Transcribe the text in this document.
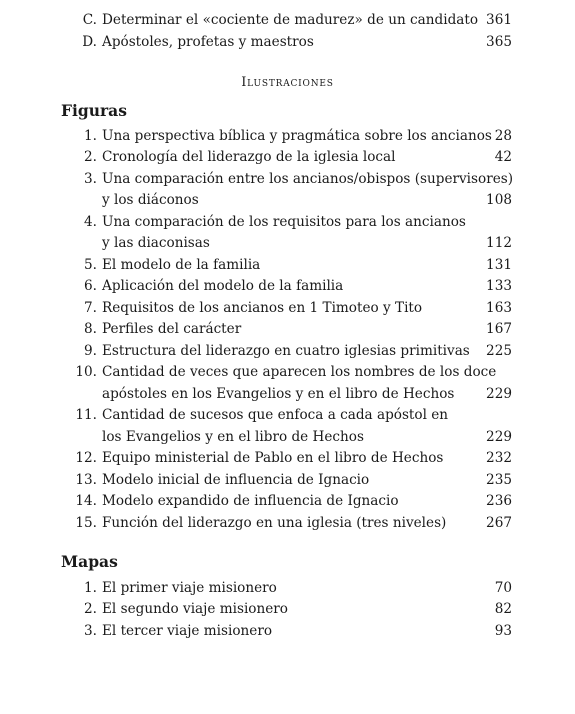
C. Determinar el «cociente de madurez» de un candidato 361
D. Apóstoles, profetas y maestros	365
Ilustraciones
Figuras
1. Una perspectiva bíblica y pragmática sobre los ancianos 28
2. Cronología del liderazgo de la iglesia local	42
3. Una comparación entre los ancianos/obispos (supervisores)
y los diáconos	108
4. Una comparación de los requisitos para los ancianos
y las diaconisas	112
5. El modelo de la familia	131
6. Aplicación del modelo de la familia	133
7. Requisitos de los ancianos en 1 Timoteo y Tito	163
8. Perfiles del carácter	167
9. Estructura del liderazgo en cuatro iglesias primitivas 225
10. Cantidad de veces que aparecen los nombres de los doce
apóstoles en los Evangelios y en el libro de Hechos 229
11. Cantidad de sucesos que enfoca a cada apóstol en
los Evangelios y en el libro de Hechos	229
12. Equipo ministerial de Pablo en el libro de Hechos	232
13. Modelo inicial de influencia de Ignacio	235
14. Modelo expandido de influencia de Ignacio	236
15. Función del liderazgo en una iglesia (tres niveles)	267
Mapas
1. El primer viaje misionero	70
2. El segundo viaje misionero	82
3. El tercer viaje misionero	93
